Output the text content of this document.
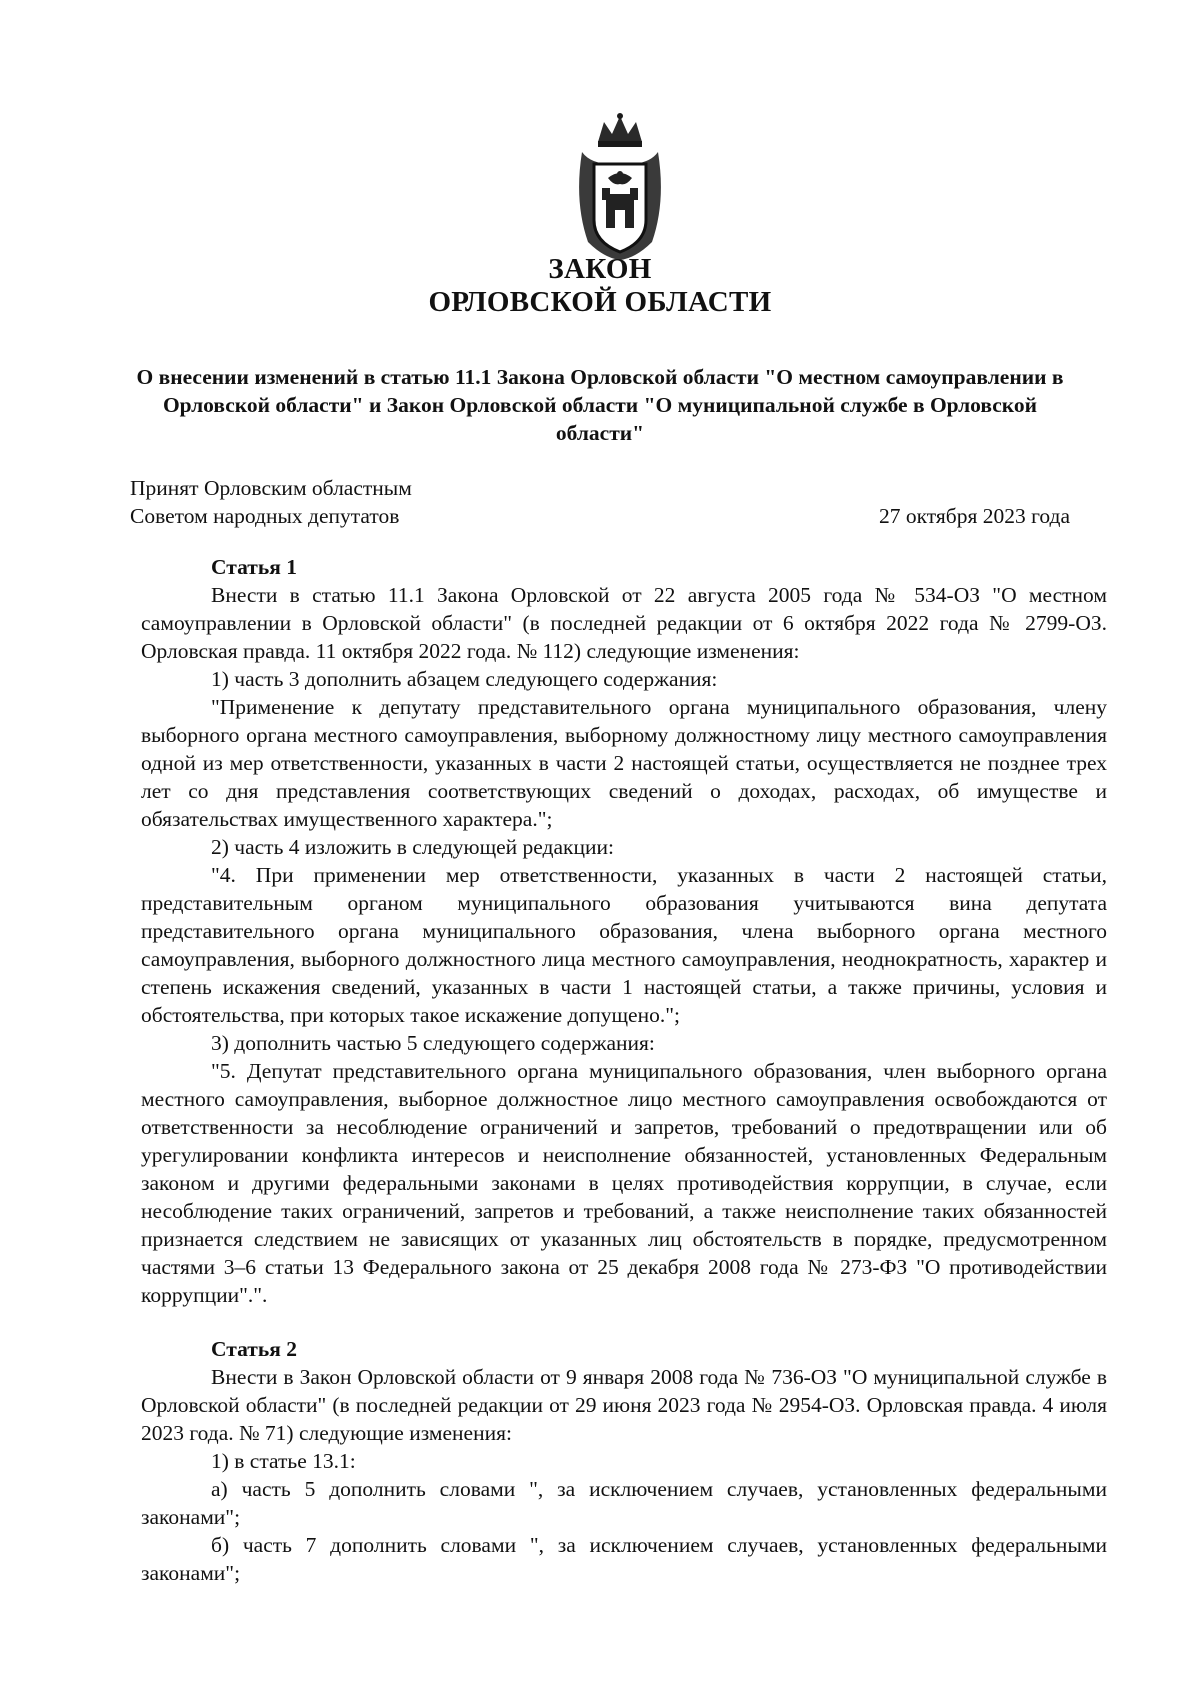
ЗАКОН
ОРЛОВСКОЙ ОБЛАСТИ
О внесении изменений в статью 11.1 Закона Орловской области "О местном самоуправлении в Орловской области" и Закон Орловской области "О муниципальной службе в Орловской области"
Принят Орловским областным
Советом народных депутатов	27 октября 2023 года
Статья 1

Внести в статью 11.1 Закона Орловской от 22 августа 2005 года № 534-ОЗ "О местном самоуправлении в Орловской области" (в последней редакции от 6 октября 2022 года № 2799-ОЗ. Орловская правда. 11 октября 2022 года. № 112) следующие изменения:

1) часть 3 дополнить абзацем следующего содержания:

"Применение к депутату представительного органа муниципального образования, члену выборного органа местного самоуправления, выборному должностному лицу местного самоуправления одной из мер ответственности, указанных в части 2 настоящей статьи, осуществляется не позднее трех лет со дня представления соответствующих сведений о доходах, расходах, об имуществе и обязательствах имущественного характера.";

2) часть 4 изложить в следующей редакции:

"4. При применении мер ответственности, указанных в части 2 настоящей статьи, представительным органом муниципального образования учитываются вина депутата представительного органа муниципального образования, члена выборного органа местного самоуправления, выборного должностного лица местного самоуправления, неоднократность, характер и степень искажения сведений, указанных в части 1 настоящей статьи, а также причины, условия и обстоятельства, при которых такое искажение допущено.";

3) дополнить частью 5 следующего содержания:

"5. Депутат представительного органа муниципального образования, член выборного органа местного самоуправления, выборное должностное лицо местного самоуправления освобождаются от ответственности за несоблюдение ограничений и запретов, требований о предотвращении или об урегулировании конфликта интересов и неисполнение обязанностей, установленных Федеральным законом и другими федеральными законами в целях противодействия коррупции, в случае, если несоблюдение таких ограничений, запретов и требований, а также неисполнение таких обязанностей признается следствием не зависящих от указанных лиц обстоятельств в порядке, предусмотренном частями 3–6 статьи 13 Федерального закона от 25 декабря 2008 года № 273-ФЗ "О противодействии коррупции".".

Статья 2

Внести в Закон Орловской области от 9 января 2008 года № 736-ОЗ "О муниципальной службе в Орловской области" (в последней редакции от 29 июня 2023 года № 2954-ОЗ. Орловская правда. 4 июля 2023 года. № 71) следующие изменения:

1) в статье 13.1:

а) часть 5 дополнить словами ", за исключением случаев, установленных федеральными законами";

б) часть 7 дополнить словами ", за исключением случаев, установленных федеральными законами";
